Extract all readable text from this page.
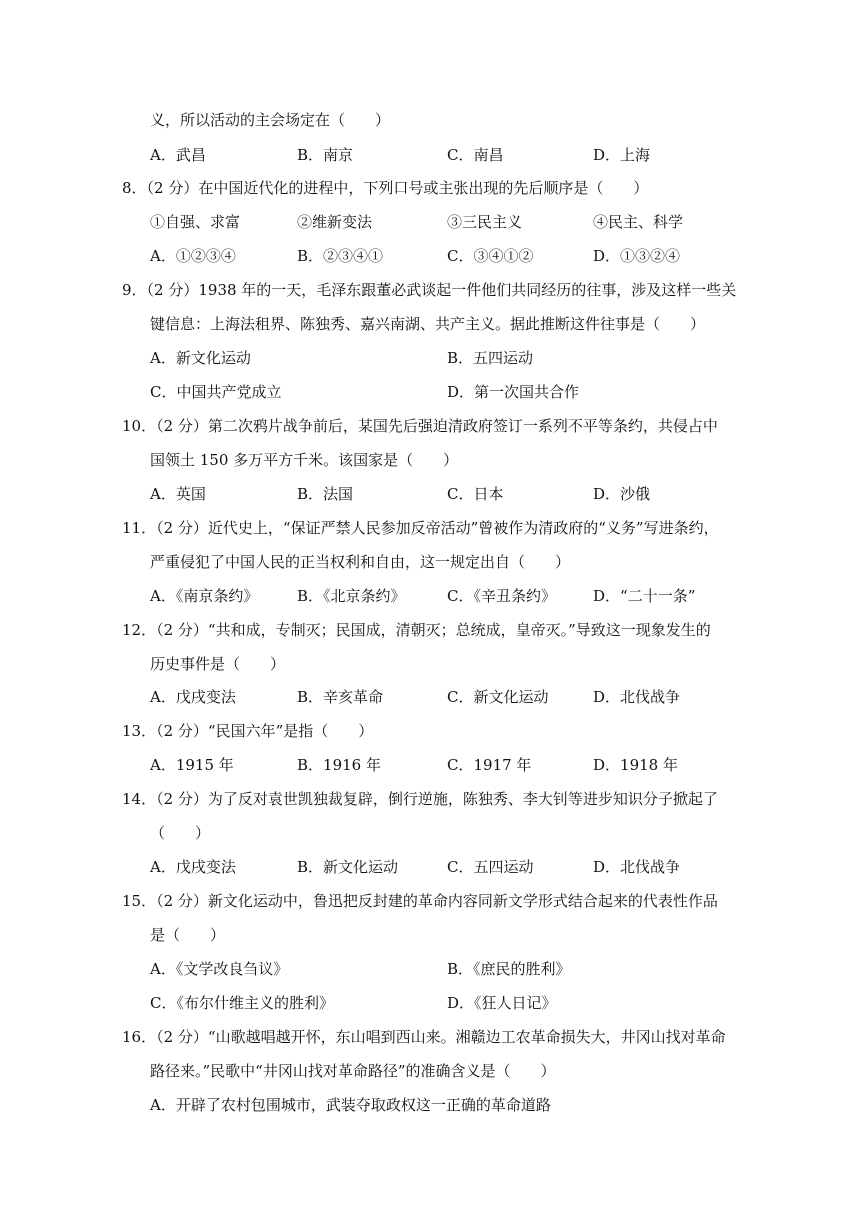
义，所以活动的主会场定在（　　）
A．武昌	B．南京	C．南昌	D．上海
8．（2 分）在中国近代化的进程中，下列口号或主张出现的先后顺序是（　　）
①自强、求富	②维新变法	③三民主义	④民主、科学
A．①②③④	B．②③④①	C．③④①②	D．①③②④
9．（2 分）1938 年的一天，毛泽东跟董必武谈起一件他们共同经历的往事，涉及这样一些关
键信息：上海法租界、陈独秀、嘉兴南湖、共产主义。据此推断这件往事是（　　）
A．新文化运动	B．五四运动
C．中国共产党成立	D．第一次国共合作
10．（2 分）第二次鸦片战争前后，某国先后强迫清政府签订一系列不平等条约，共侵占中
国领土 150 多万平方千米。该国家是（　　）
A．英国	B．法国	C．日本	D．沙俄
11．（2 分）近代史上，“保证严禁人民参加反帝活动”曾被作为清政府的“义务”写进条约，
严重侵犯了中国人民的正当权利和自由，这一规定出自（　　）
A．《南京条约》	B．《北京条约》	C．《辛丑条约》 D．“二十一条”
12．（2 分）“共和成，专制灭；民国成，清朝灭；总统成，皇帝灭。”导致这一现象发生的
历史事件是（　　）
A．戊戌变法	B．辛亥革命	C．新文化运动	D．北伐战争
13．（2 分）“民国六年”是指（　　）
A．1915 年	B．1916 年	C．1917 年	D．1918 年
14．（2 分）为了反对袁世凯独裁复辟，倒行逆施，陈独秀、李大钊等进步知识分子掀起了
（　　）
A．戊戌变法	B．新文化运动	C．五四运动	D．北伐战争
15．（2 分）新文化运动中，鲁迅把反封建的革命内容同新文学形式结合起来的代表性作品
是（　　）
A．《文学改良刍议》	B．《庶民的胜利》
C．《布尔什维主义的胜利》	D．《狂人日记》
16．（2 分）“山歌越唱越开怀，东山唱到西山来。湘赣边工农革命损失大，井冈山找对革命
路径来。”民歌中“井冈山找对革命路径”的准确含义是（　　）
A．开辟了农村包围城市，武装夺取政权这一正确的革命道路
